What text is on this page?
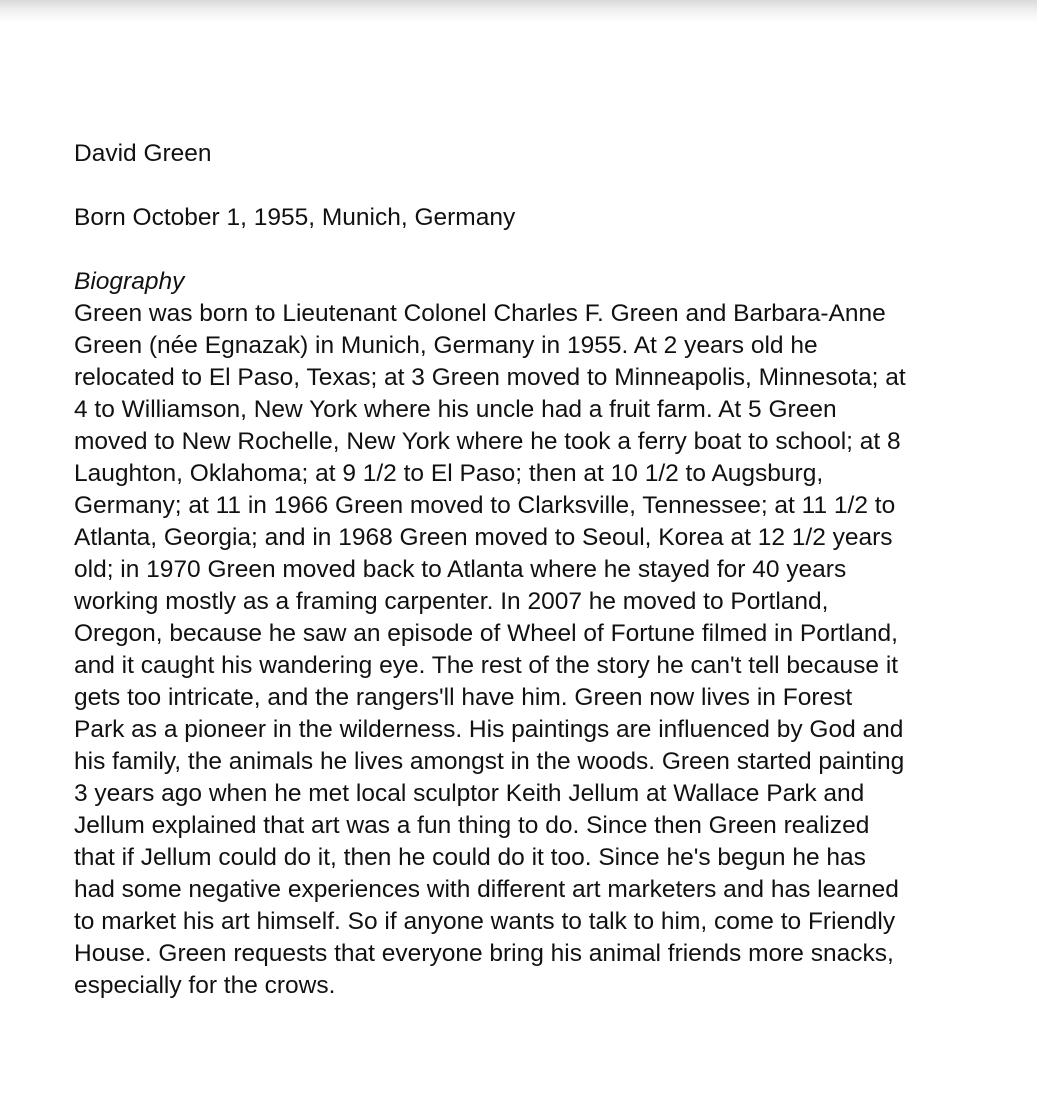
David Green

Born October 1, 1955, Munich, Germany

Biography

Green was born to Lieutenant Colonel Charles F. Green and Barbara-Anne
Green (née Egnazak) in Munich, Germany in 1955. At 2 years old he
relocated to El Paso, Texas; at 3 Green moved to Minneapolis, Minnesota; at
4 to Williamson, New York where his uncle had a fruit farm. At 5 Green
moved to New Rochelle, New York where he took a ferry boat to school; at 8
Laughton, Oklahoma; at 9 1/2 to El Paso; then at 10 1/2 to Augsburg,
Germany; at 11 in 1966 Green moved to Clarksville, Tennessee; at 11 1/2 to
Atlanta, Georgia; and in 1968 Green moved to Seoul, Korea at 12 1/2 years
old; in 1970 Green moved back to Atlanta where he stayed for 40 years
working mostly as a framing carpenter. In 2007 he moved to Portland,
Oregon, because he saw an episode of Wheel of Fortune filmed in Portland,
and it caught his wandering eye. The rest of the story he can't tell because it
gets too intricate, and the rangers'll have him. Green now lives in Forest
Park as a pioneer in the wilderness. His paintings are influenced by God and
his family, the animals he lives amongst in the woods. Green started painting
3 years ago when he met local sculptor Keith Jellum at Wallace Park and
Jellum explained that art was a fun thing to do. Since then Green realized
that if Jellum could do it, then he could do it too. Since he's begun he has
had some negative experiences with different art marketers and has learned
to market his art himself. So if anyone wants to talk to him, come to Friendly
House. Green requests that everyone bring his animal friends more snacks,
especially for the crows.
